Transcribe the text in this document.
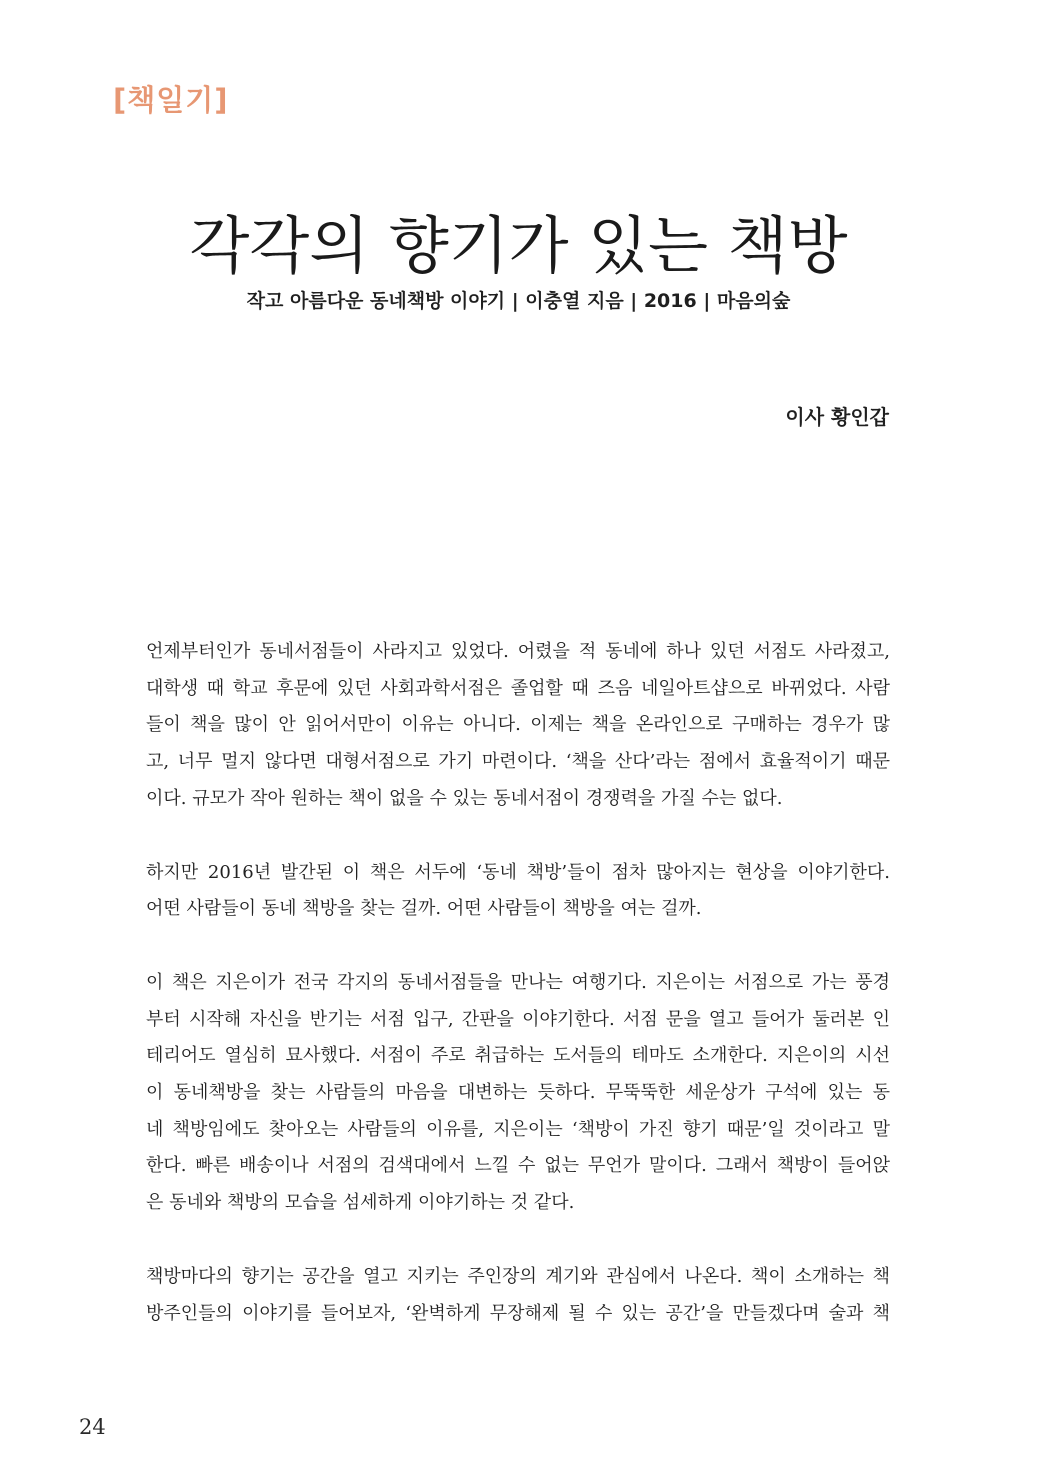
[책일기]
각각의 향기가 있는 책방
작고 아름다운 동네책방 이야기 | 이충열 지음 | 2016 | 마음의숲
이사 황인갑

언제부터인가 동네서점들이 사라지고 있었다. 어렸을 적 동네에 하나 있던 서점도 사라졌고,
대학생 때 학교 후문에 있던 사회과학서점은 졸업할 때 즈음 네일아트샵으로 바뀌었다. 사람
들이 책을 많이 안 읽어서만이 이유는 아니다. 이제는 책을 온라인으로 구매하는 경우가 많
고, 너무 멀지 않다면 대형서점으로 가기 마련이다. ‘책을 산다’라는 점에서 효율적이기 때문
이다. 규모가 작아 원하는 책이 없을 수 있는 동네서점이 경쟁력을 가질 수는 없다.

하지만 2016년 발간된 이 책은 서두에 ‘동네 책방’들이 점차 많아지는 현상을 이야기한다.
어떤 사람들이 동네 책방을 찾는 걸까. 어떤 사람들이 책방을 여는 걸까.

이 책은 지은이가 전국 각지의 동네서점들을 만나는 여행기다. 지은이는 서점으로 가는 풍경
부터 시작해 자신을 반기는 서점 입구, 간판을 이야기한다. 서점 문을 열고 들어가 둘러본 인
테리어도 열심히 묘사했다. 서점이 주로 취급하는 도서들의 테마도 소개한다. 지은이의 시선
이 동네책방을 찾는 사람들의 마음을 대변하는 듯하다. 무뚝뚝한 세운상가 구석에 있는 동
네 책방임에도 찾아오는 사람들의 이유를, 지은이는 ‘책방이 가진 향기 때문’일 것이라고 말
한다. 빠른 배송이나 서점의 검색대에서 느낄 수 없는 무언가 말이다. 그래서 책방이 들어앉
은 동네와 책방의 모습을 섬세하게 이야기하는 것 같다.

책방마다의 향기는 공간을 열고 지키는 주인장의 계기와 관심에서 나온다. 책이 소개하는 책
방주인들의 이야기를 들어보자, ‘완벽하게 무장해제 될 수 있는 공간’을 만들겠다며 술과 책

24
